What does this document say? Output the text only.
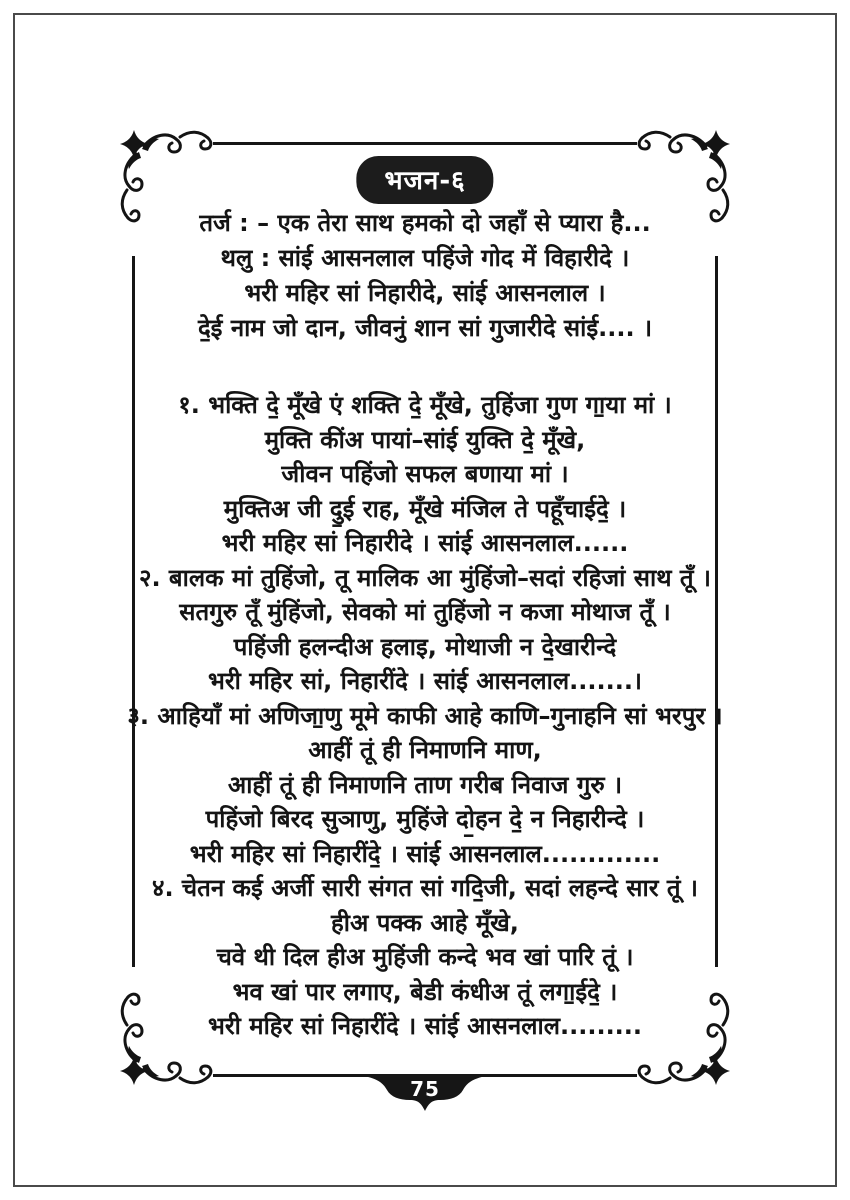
भजन-६
तर्ज : – एक तेरा साथ हमको दो जहाँ से प्यारा है...
थलु : सांई आसनलाल पहिंजे गोद में विहारीदे ।
भरी महिर सां निहारीदे, सांई आसनलाल ।
दे॒ई नाम जो दान, जीवनुं शान सां गुजारीदे सांई.... ।
१. भक्ति दे॒ मूँखे एं शक्ति दे॒ मूँखे, तुहिंजा गुण गा॒या मां ।
मुक्ति कींअ पायां–सांई युक्ति दे॒ मूँखे,
जीवन पहिंजो सफल बणाया मां ।
मुक्तिअ जी दु॒ई राह, मूँखे मंजिल ते पहूँचाईदे॒ ।
भरी महिर सां निहारीदे । सांई आसनलाल......
२. बालक मां तुहिंजो, तू मालिक आ मुंहिंजो–सदां रहिजां साथ तूँ ।
सतगुरु तूँ मुंहिंजो, सेवको मां तुहिंजो न कजा मोथाज तूँ ।
पहिंजी हलन्दीअ हलाइ, मोथाजी न दे॒खारीन्दे
भरी महिर सां, निहारींदे । सांई आसनलाल.......।
३. आहियाँ मां अणिजा॒णु मूमे काफी आहे काणि–गुनाहनि सां भरपुर ।
आहीं तूं ही निमाणनि माण,
आहीं तूं ही निमाणनि ताण गरीब निवाज गुरु ।
पहिंजो बिरद सुञाणु, मुहिंजे दो॒हन दे॒ न निहारीन्दे ।
भरी महिर सां निहारींदे॒ । सांई आसनलाल.............
४. चेतन कई अर्जी सारी संगत सां गदि॒जी, सदां लहन्दे सार तूं ।
हीअ पक्क आहे मूँखे,
चवे थी दिल हीअ मुहिंजी कन्दे भव खां पारि तूं ।
भव खां पार लगाए, बेडी कंधीअ तूं लगा॒ईदे॒ ।
भरी महिर सां निहारींदे । सांई आसनलाल.........
75
